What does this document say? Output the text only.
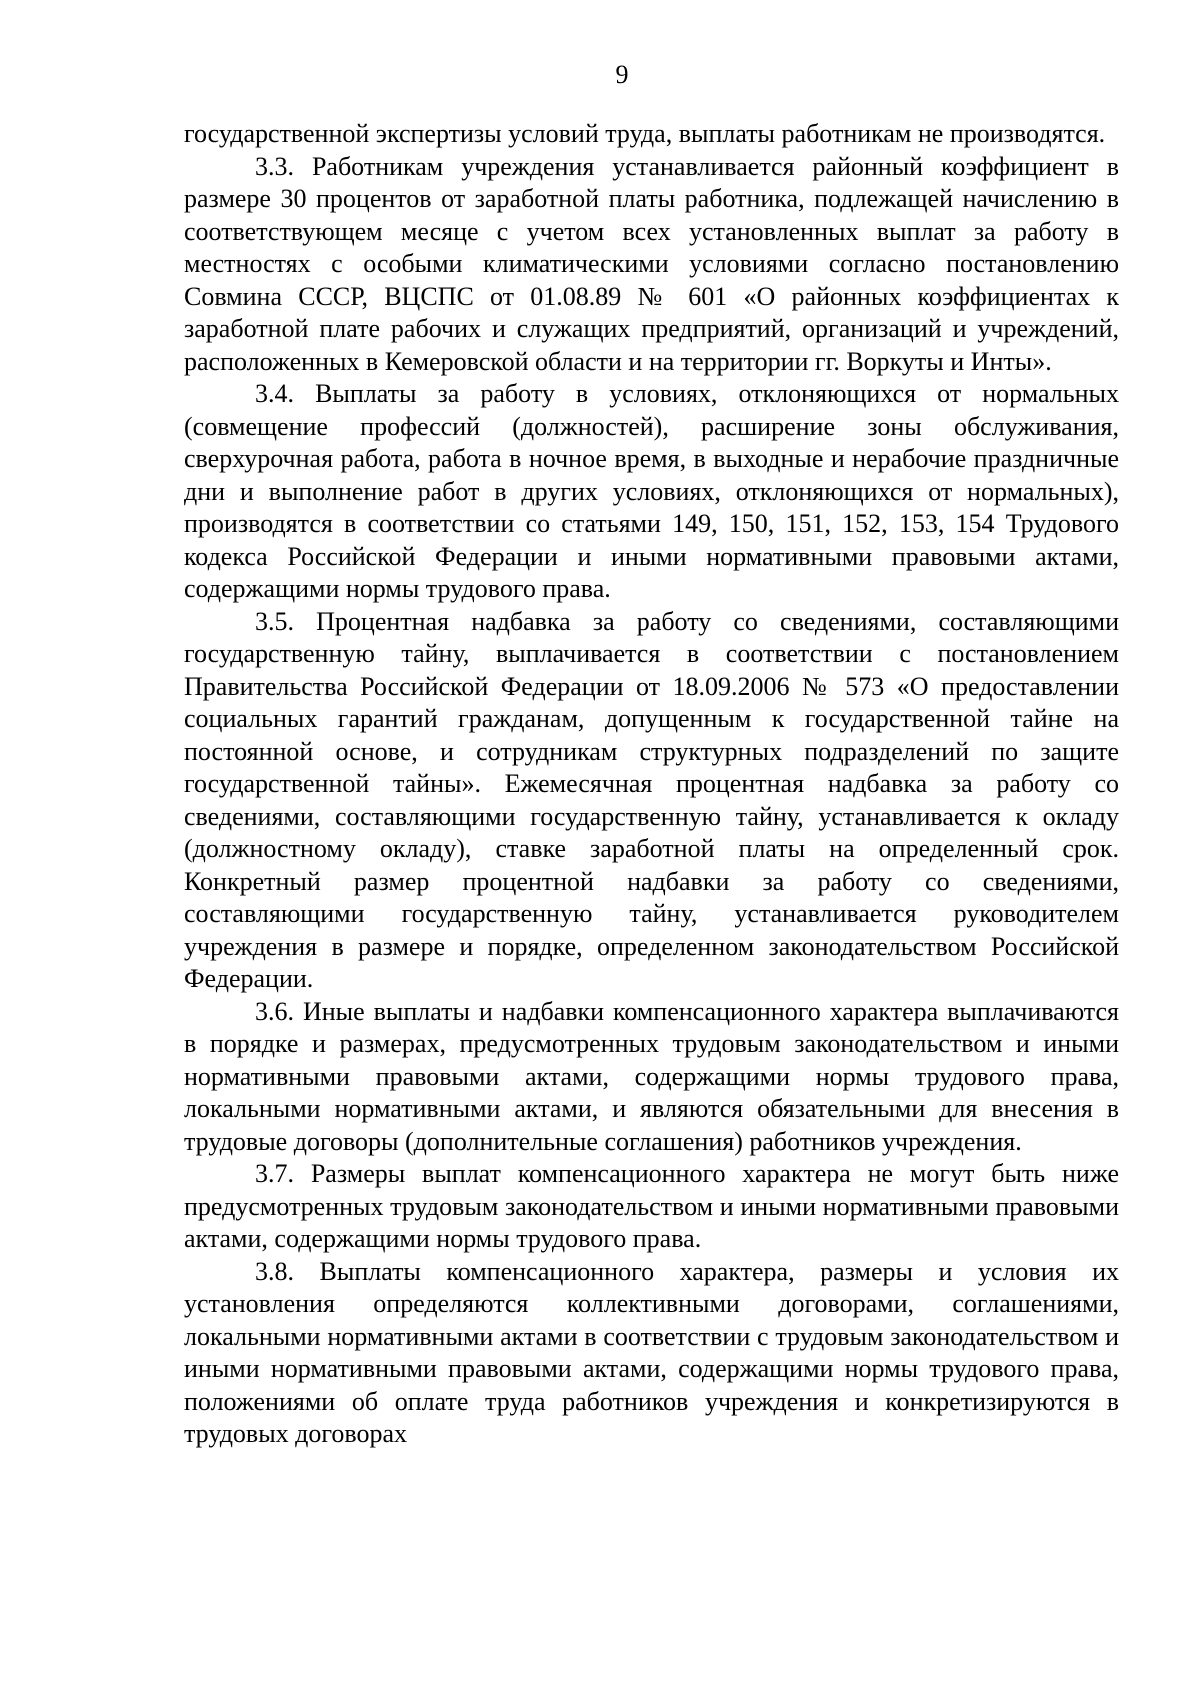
9

государственной экспертизы условий труда, выплаты работникам не производятся.

3.3. Работникам учреждения устанавливается районный коэффициент в размере 30 процентов от заработной платы работника, подлежащей начислению в соответствующем месяце с учетом всех установленных выплат за работу в местностях с особыми климатическими условиями согласно постановлению Совмина СССР, ВЦСПС от 01.08.89 № 601 «О районных коэффициентах к заработной плате рабочих и служащих предприятий, организаций и учреждений, расположенных в Кемеровской области и на территории гг. Воркуты и Инты».

3.4. Выплаты за работу в условиях, отклоняющихся от нормальных (совмещение профессий (должностей), расширение зоны обслуживания, сверхурочная работа, работа в ночное время, в выходные и нерабочие праздничные дни и выполнение работ в других условиях, отклоняющихся от нормальных), производятся в соответствии со статьями 149, 150, 151, 152, 153, 154 Трудового кодекса Российской Федерации и иными нормативными правовыми актами, содержащими нормы трудового права.

3.5. Процентная надбавка за работу со сведениями, составляющими государственную тайну, выплачивается в соответствии с постановлением Правительства Российской Федерации от 18.09.2006 № 573 «О предоставлении социальных гарантий гражданам, допущенным к государственной тайне на постоянной основе, и сотрудникам структурных подразделений по защите государственной тайны». Ежемесячная процентная надбавка за работу со сведениями, составляющими государственную тайну, устанавливается к окладу (должностному окладу), ставке заработной платы на определенный срок. Конкретный размер процентной надбавки за работу со сведениями, составляющими государственную тайну, устанавливается руководителем учреждения в размере и порядке, определенном законодательством Российской Федерации.

3.6. Иные выплаты и надбавки компенсационного характера выплачиваются в порядке и размерах, предусмотренных трудовым законодательством и иными нормативными правовыми актами, содержащими нормы трудового права, локальными нормативными актами, и являются обязательными для внесения в трудовые договоры (дополнительные соглашения) работников учреждения.

3.7. Размеры выплат компенсационного характера не могут быть ниже предусмотренных трудовым законодательством и иными нормативными правовыми актами, содержащими нормы трудового права.

3.8. Выплаты компенсационного характера, размеры и условия их установления определяются коллективными договорами, соглашениями, локальными нормативными актами в соответствии с трудовым законодательством и иными нормативными правовыми актами, содержащими нормы трудового права, положениями об оплате труда работников учреждения и конкретизируются в трудовых договорах
